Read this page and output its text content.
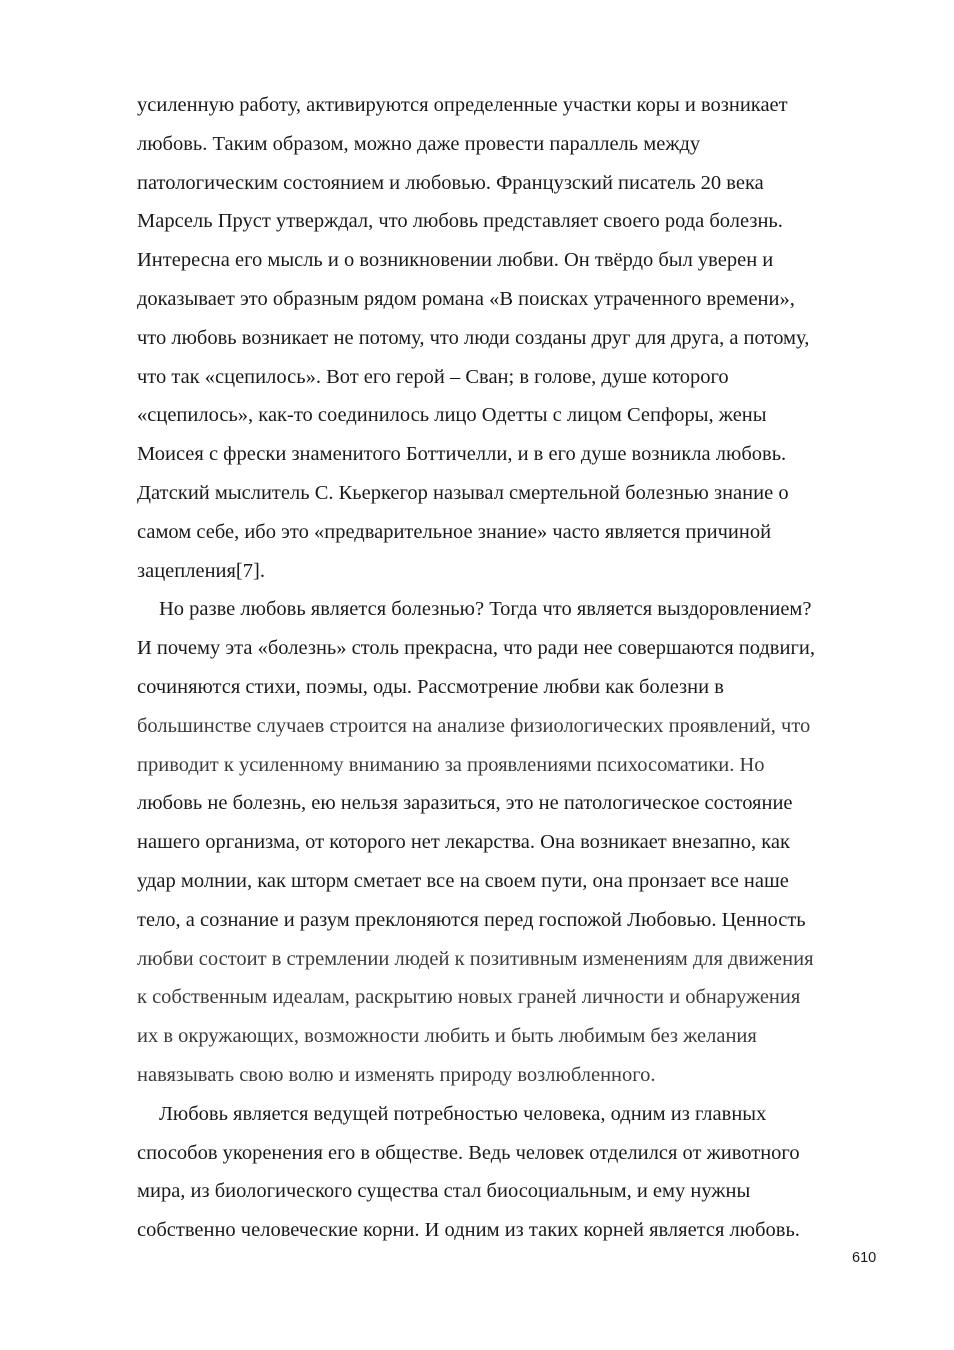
усиленную работу, активируются определенные участки коры и возникает
любовь. Таким образом, можно даже провести параллель между
патологическим состоянием и любовью. Французский писатель 20 века
Марсель Пруст утверждал, что любовь представляет своего рода болезнь.
Интересна его мысль и о возникновении любви. Он твёрдо был уверен и
доказывает это образным рядом романа «В поисках утраченного времени»,
что любовь возникает не потому, что люди созданы друг для друга, а потому,
что так «сцепилось». Вот его герой – Сван; в голове, душе которого
«сцепилось», как-то соединилось лицо Одетты с лицом Сепфоры, жены
Моисея с фрески знаменитого Боттичелли, и в его душе возникла любовь.
Датский мыслитель С. Кьеркегор называл смертельной болезнью знание о
самом себе, ибо это «предварительное знание» часто является причиной
зацепления[7].
Но разве любовь является болезнью? Тогда что является выздоровлением?
И почему эта «болезнь» столь прекрасна, что ради нее совершаются подвиги,
сочиняются стихи, поэмы, оды. Рассмотрение любви как болезни в
большинстве случаев строится на анализе физиологических проявлений, что
приводит к усиленному вниманию за проявлениями психосоматики. Но
любовь не болезнь, ею нельзя заразиться, это не патологическое состояние
нашего организма, от которого нет лекарства. Она возникает внезапно, как
удар молнии, как шторм сметает все на своем пути, она пронзает все наше
тело, а сознание и разум преклоняются перед госпожой Любовью. Ценность
любви состоит в стремлении людей к позитивным изменениям для движения
к собственным идеалам, раскрытию новых граней личности и обнаружения
их в окружающих, возможности любить и быть любимым без желания
навязывать свою волю и изменять природу возлюбленного.
Любовь является ведущей потребностью человека, одним из главных
способов укоренения его в обществе. Ведь человек отделился от животного
мира, из биологического существа стал биосоциальным, и ему нужны
собственно человеческие корни. И одним из таких корней является любовь.
610
